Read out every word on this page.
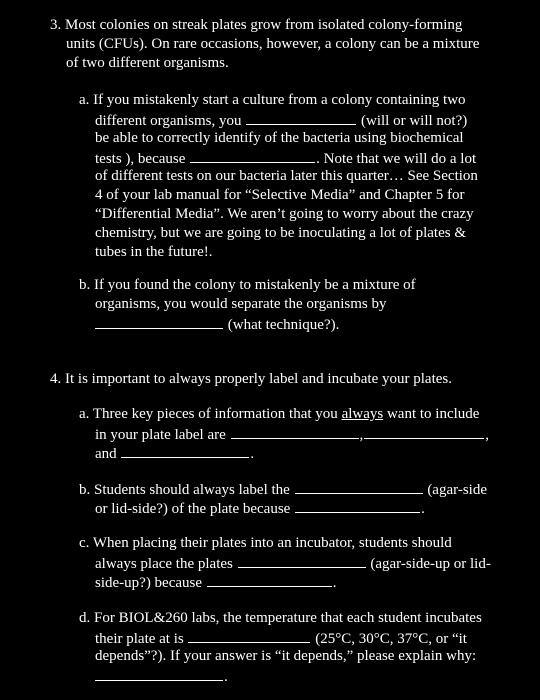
3. Most colonies on streak plates grow from isolated colony-forming
units (CFUs). On rare occasions, however, a colony can be a mixture
of two different organisms.
a. If you mistakenly start a culture from a colony containing two
different organisms, you	(will or will not?)
be able to correctly identify of the bacteria using biochemical
tests ), because	. Note that we will do a lot
of different tests on our bacteria later this quarter… See Section
4 of your lab manual for “Selective Media” and Chapter 5 for
“Differential Media”. We aren’t going to worry about the crazy
chemistry, but we are going to be inoculating a lot of plates &
tubes in the future!.
b. If you found the colony to mistakenly be a mixture of
organisms, you would separate the organisms by
(what technique?).
4. It is important to always properly label and incubate your plates.
a. Three key pieces of information that you always want to include
in your plate label are	,	,
and	.
b. Students should always label the	(agar-side
or lid-side?) of the plate because	.
c. When placing their plates into an incubator, students should
always place the plates	(agar-side-up or lid-
side-up?) because	.
d. For BIOL&260 labs, the temperature that each student incubates
their plate at is	(25°C, 30°C, 37°C, or “it
depends”?). If your answer is “it depends,” please explain why:
.
